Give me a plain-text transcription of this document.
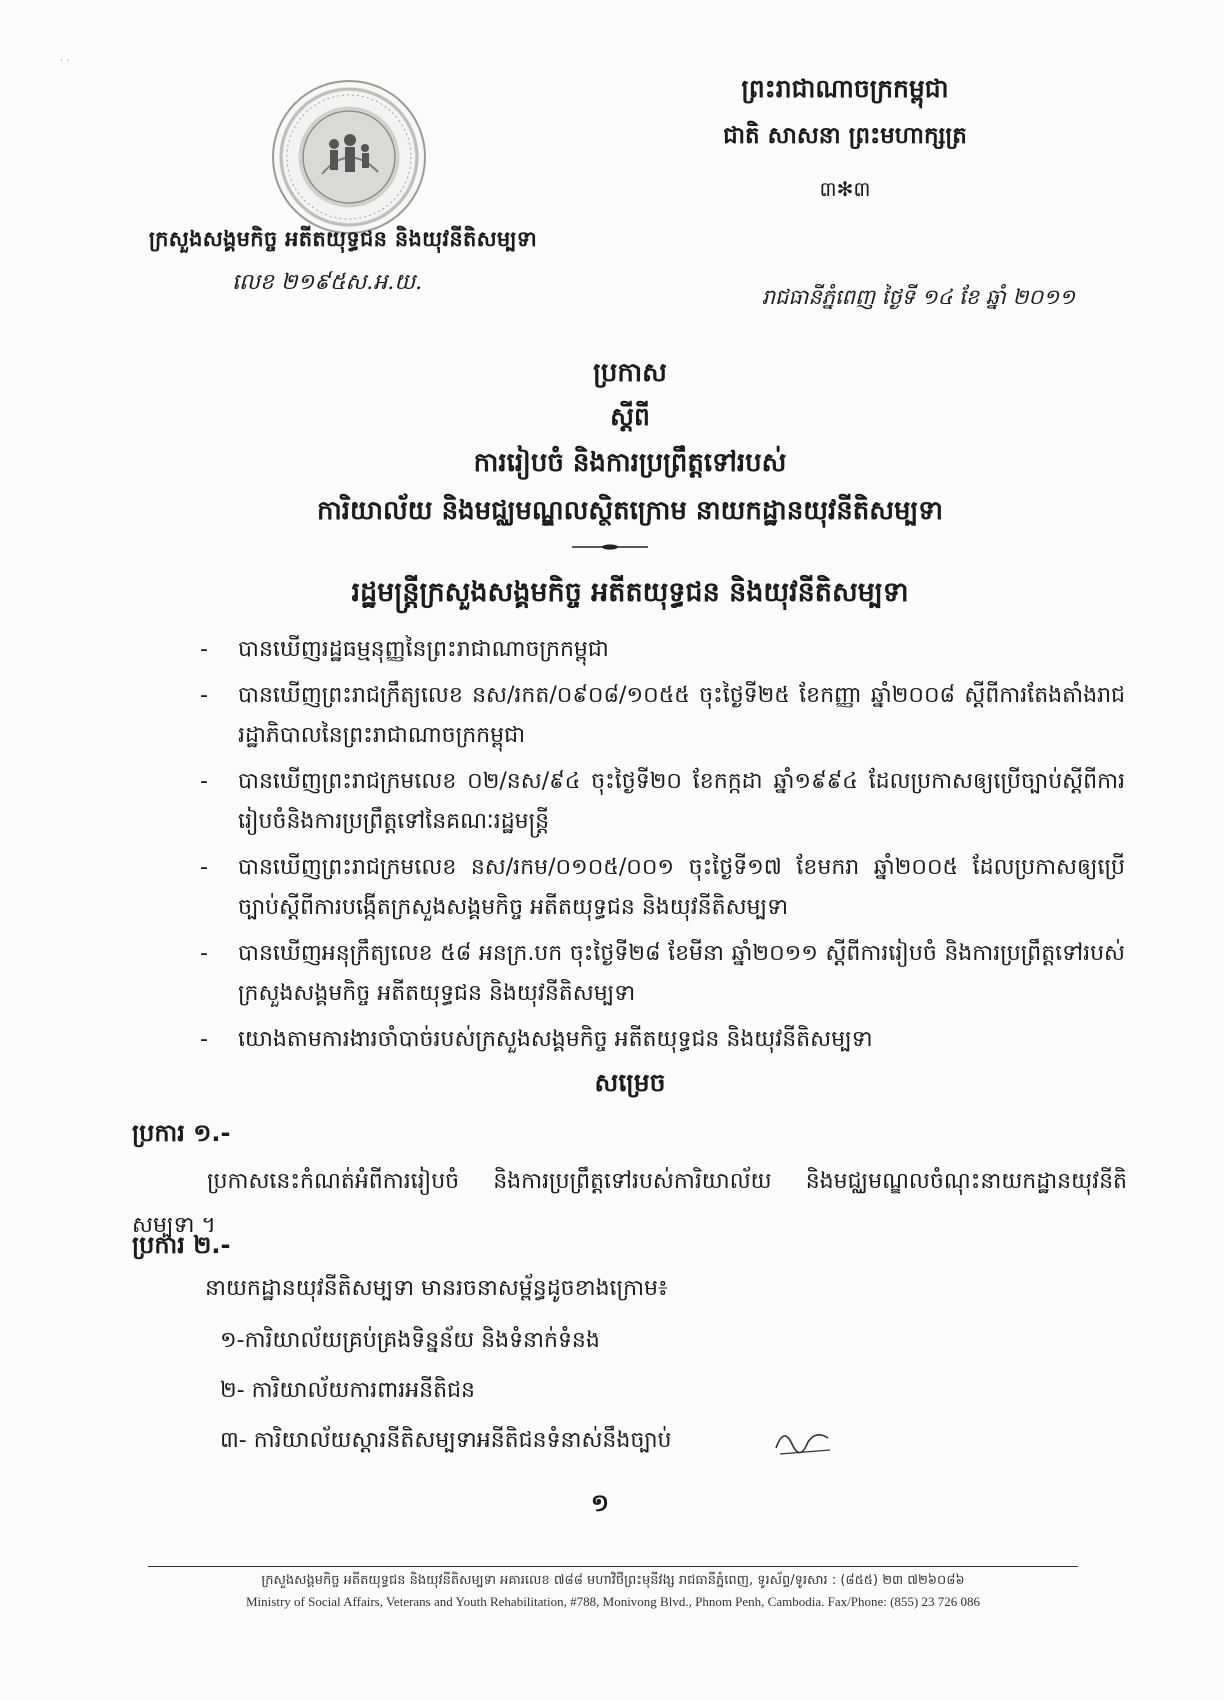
· ·
ក្រសួងសង្គមកិច្ច អតីតយុទ្ធជន និងយុវនីតិសម្បទា
លេខ ២១៩៥ស.អ.យ.
ព្រះរាជាណាចក្រកម្ពុជា
ជាតិ សាសនា ព្រះមហាក្សត្រ
៣✻៣
រាជធានីភ្នំពេញ ថ្ងៃទី ១៤ ខែ ​ឆ្នាំ ២០១១
ប្រកាស
ស្តីពី
ការរៀបចំ និងការប្រព្រឹត្តទៅរបស់
ការិយាល័យ និងមជ្ឈមណ្ឌលស្ថិតក្រោម នាយកដ្ឋានយុវនីតិសម្បទា
រដ្ឋមន្ត្រីក្រសួងសង្គមកិច្ច អតីតយុទ្ធជន និងយុវនីតិសម្បទា
- បានឃើញរដ្ឋធម្មនុញ្ញនៃព្រះរាជាណាចក្រកម្ពុជា
- បានឃើញព្រះរាជក្រឹត្យលេខ នស/រកត/០៩០៨/១០៥៥ ចុះថ្ងៃទី២៥ ខែកញ្ញា ឆ្នាំ២០០៨ ស្តីពីការតែងតាំងរាជរដ្ឋាភិបាលនៃព្រះរាជាណាចក្រកម្ពុជា
- បានឃើញព្រះរាជក្រមលេខ ០២/នស/៩៤ ចុះថ្ងៃទី២០ ខែកក្កដា ឆ្នាំ១៩៩៤ ដែលប្រកាសឲ្យប្រើច្បាប់ស្តីពីការរៀបចំនិងការប្រព្រឹត្តទៅនៃគណៈរដ្ឋមន្ត្រី
- បានឃើញព្រះរាជក្រមលេខ នស/រកម/០១០៥/០០១ ចុះថ្ងៃទី១៧ ខែមករា ឆ្នាំ២០០៥ ដែលប្រកាសឲ្យប្រើច្បាប់ស្តីពីការបង្កើតក្រសួងសង្គមកិច្ច អតីតយុទ្ធជន និងយុវនីតិសម្បទា
- បានឃើញអនុក្រឹត្យលេខ ៥៨ អនក្រ.បក ចុះថ្ងៃទី២៨ ខែមីនា ឆ្នាំ២០១១ ស្តីពីការរៀបចំ និងការប្រព្រឹត្តទៅរបស់ក្រសួងសង្គមកិច្ច អតីតយុទ្ធជន និងយុវនីតិសម្បទា
- យោងតាមការងារចាំបាច់របស់ក្រសួងសង្គមកិច្ច អតីតយុទ្ធជន និងយុវនីតិសម្បទា
សម្រេច
ប្រការ ១.-
ប្រកាសនេះកំណត់អំពីការរៀបចំ និងការប្រព្រឹត្តទៅរបស់ការិយាល័យ និងមជ្ឈមណ្ឌលចំណុះនាយកដ្ឋានយុវនីតិសម្បទា ។
ប្រការ ២.-
នាយកដ្ឋានយុវនីតិសម្បទា មានរចនាសម្ព័ន្ធដូចខាងក្រោម៖
១-ការិយាល័យគ្រប់គ្រងទិន្នន័យ និងទំនាក់ទំនង
២- ការិយាល័យការពារអនីតិជន
៣- ការិយាល័យស្តារនីតិសម្បទាអនីតិជនទំនាស់នឹងច្បាប់
១
ក្រសួងសង្គមកិច្ច អតីតយុទ្ធជន និងយុវនីតិសម្បទា អគារលេខ ៧៨៨ មហាវិថីព្រះមុនីវង្ស រាជធានីភ្នំពេញ, ទូរស័ព្ទ/ទូរសារ : (៨៥៥) ២៣ ៧២៦០៨៦
Ministry of Social Affairs, Veterans and Youth Rehabilitation, #788, Monivong Blvd., Phnom Penh, Cambodia. Fax/Phone: (855) 23 726 086
